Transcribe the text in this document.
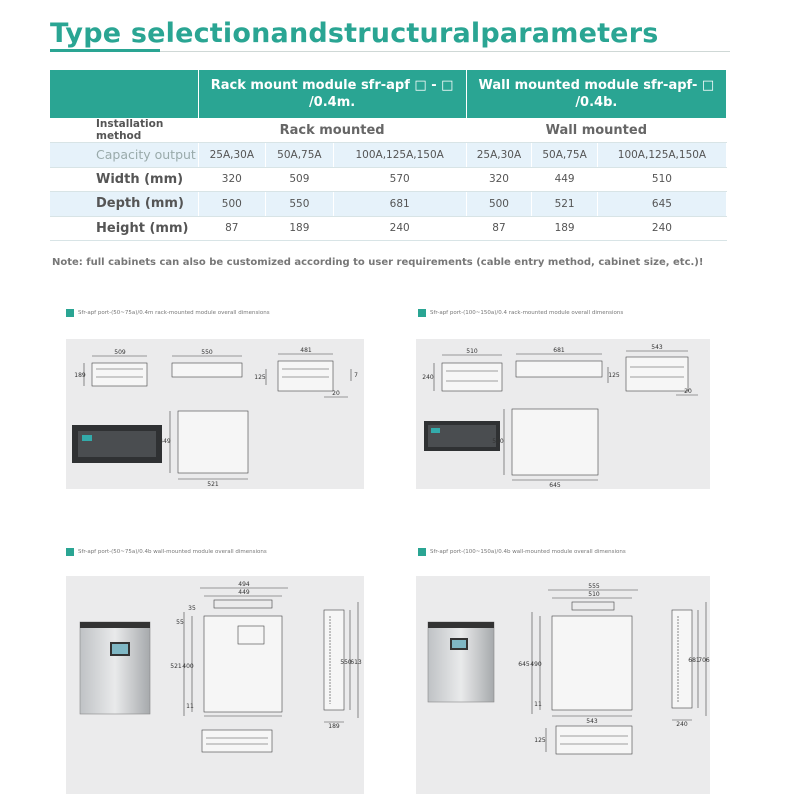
Type selectionandstructuralparameters
	Rack mount module sfr-apf □ - □ /0.4m.			Wall mounted module sfr-apf- □ /0.4b.		
Installation method	Rack mounted			Wall mounted		
Capacity output	25A,30A	50A,75A	100A,125A,150A	25A,30A	50A,75A	100A,125A,150A
Width (mm)	320	509	570	320	449	510
Depth (mm)	500	550	681	500	521	645
Height (mm)	87	189	240	87	189	240
Note: full cabinets can also be customized according to user requirements (cable entry method, cabinet size, etc.)!
Sfr-apf port-(50~75a)/0.4m rack-mounted module overall dimensions
509
189
550
125
481
7
20
449
521
Sfr-apf port-(100~150a)/0.4 rack-mounted module overall dimensions
510
240
681
125
543
20
510
645
Sfr-apf port-(50~75a)/0.4b wall-mounted module overall dimensions
494
449
521 400
550
613
189
55
35
11
Sfr-apf port-(100~150a)/0.4b wall-mounted module overall dimensions
555
510
645 490
681
706
240
543
125
11
